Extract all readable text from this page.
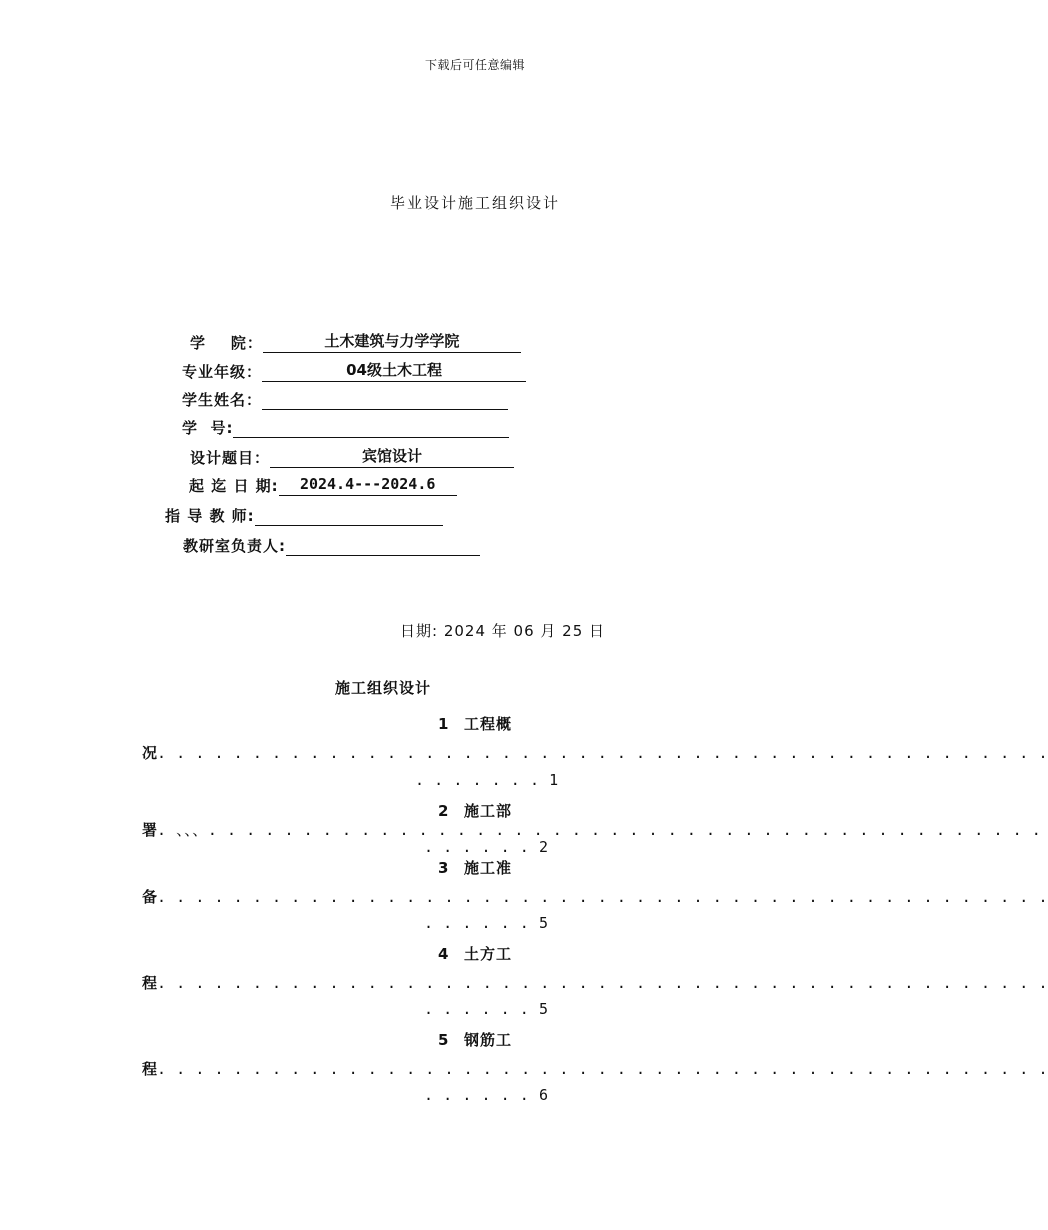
下载后可任意编辑
毕业设计施工组织设计
学    院：	土木建筑与力学学院
专业年级：	04级土木工程
学生姓名：
学  号:
设计题目：	宾馆设计
起 迄 日 期: 2024.4---2024.6
指 导 教 师:
教研室负责人:
日期: 2024 年 06 月 25 日
施工组织设计
1 工程概
况. . . . . . . . . . . . . . . . . . . . . . . . . . . . . . . . . . . . . . . . . . . . . . .
. . . . . . . 1
2 施工部
署. 、、、. . . . . . . . . . . . . . . . . . . . . . . . . . . . . . . . . . . . . . . . . . . .
. . . . . . 2
3 施工准
备. . . . . . . . . . . . . . . . . . . . . . . . . . . . . . . . . . . . . . . . . . . . . . .
. . . . . . 5
4 土方工
程. . . . . . . . . . . . . . . . . . . . . . . . . . . . . . . . . . . . . . . . . . . . . . .
. . . . . . 5
5 钢筋工
程. . . . . . . . . . . . . . . . . . . . . . . . . . . . . . . . . . . . . . . . . . . . . . .
. . . . . . 6
